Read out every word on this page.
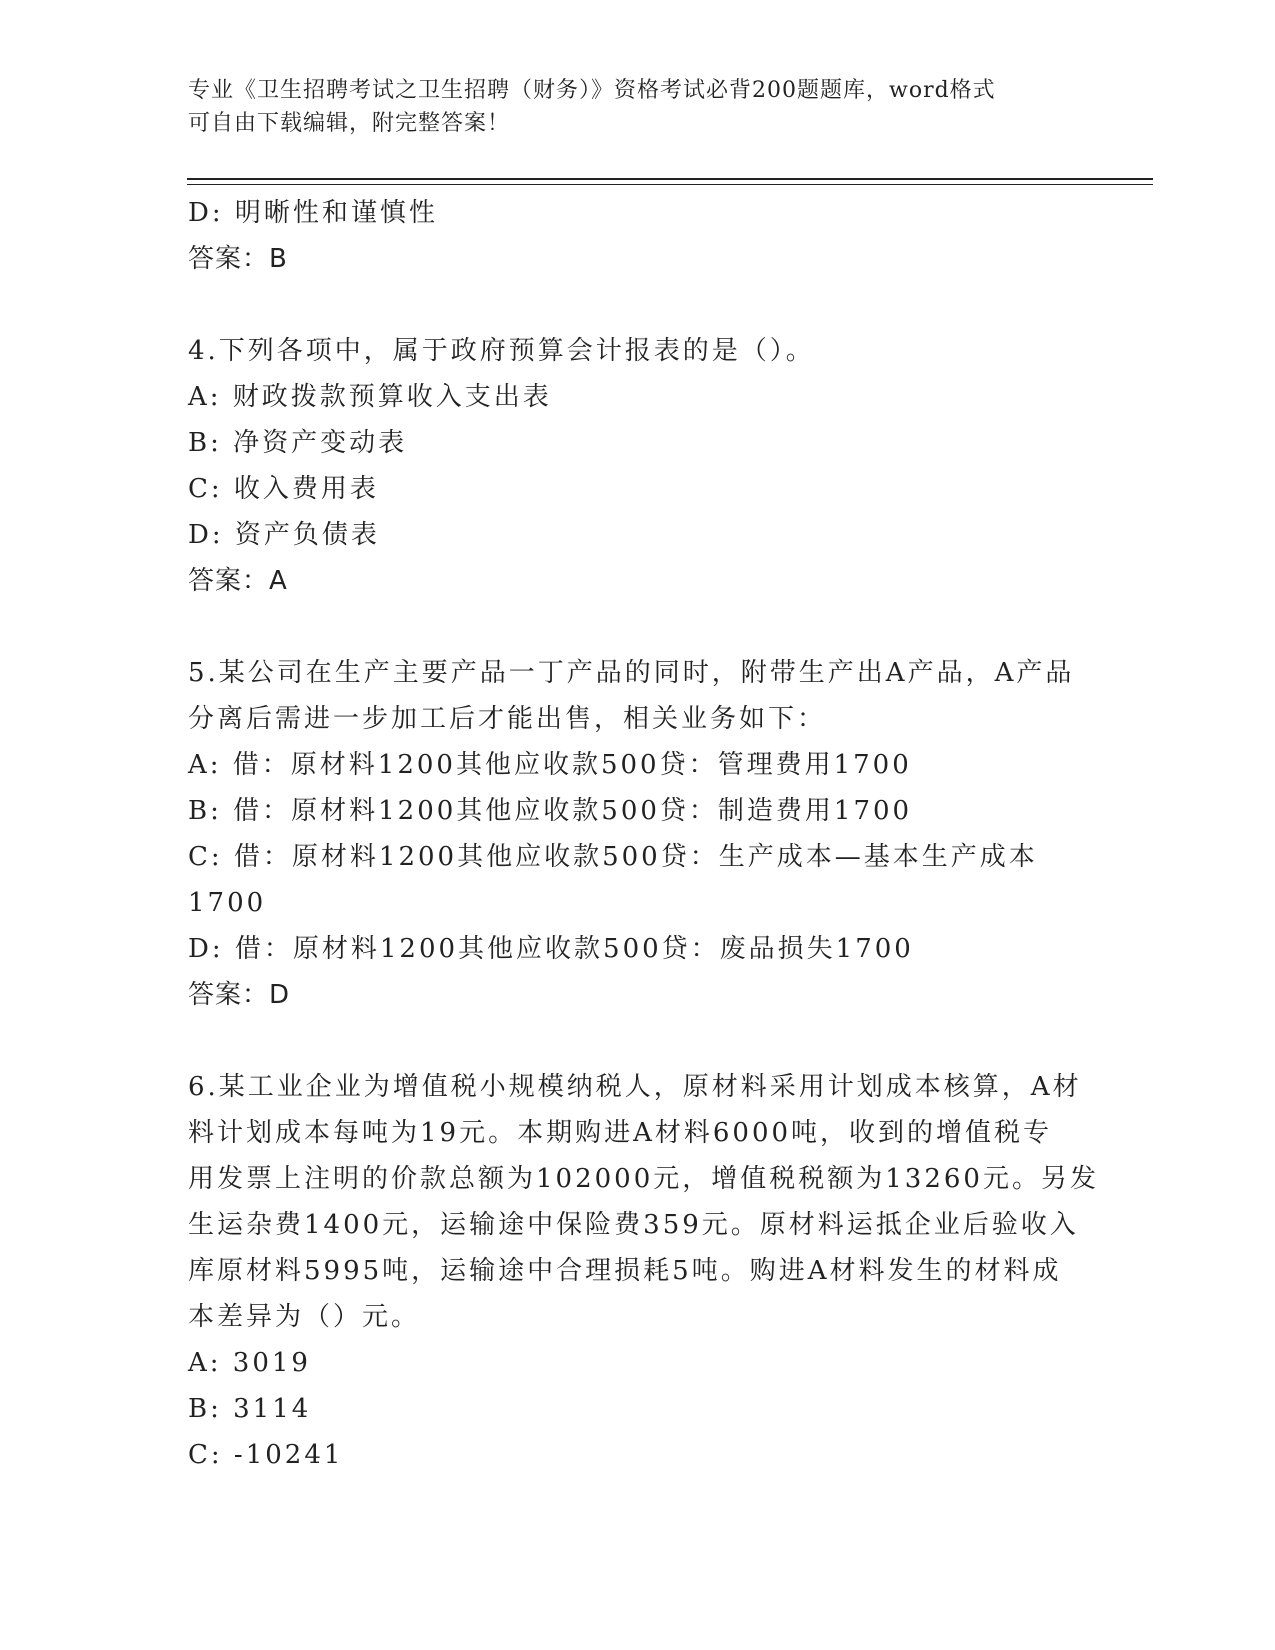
专业《卫生招聘考试之卫生招聘（财务）》资格考试必背200题题库，word格式
可自由下载编辑，附完整答案！
D: 明晰性和谨慎性
答案：B
4.下列各项中，属于政府预算会计报表的是（）。
A: 财政拨款预算收入支出表
B: 净资产变动表
C: 收入费用表
D: 资产负债表
答案：A
5.某公司在生产主要产品一丁产品的同时，附带生产出A产品，A产品
分离后需进一步加工后才能出售，相关业务如下：
A: 借：原材料1200其他应收款500贷：管理费用1700
B: 借：原材料1200其他应收款500贷：制造费用1700
C: 借：原材料1200其他应收款500贷：生产成本—基本生产成本
1700
D: 借：原材料1200其他应收款500贷：废品损失1700
答案：D
6.某工业企业为增值税小规模纳税人，原材料采用计划成本核算，A材
料计划成本每吨为19元。本期购进A材料6000吨，收到的增值税专
用发票上注明的价款总额为102000元，增值税税额为13260元。另发
生运杂费1400元，运输途中保险费359元。原材料运抵企业后验收入
库原材料5995吨，运输途中合理损耗5吨。购进A材料发生的材料成
本差异为（）元。
A: 3019
B: 3114
C: -10241
